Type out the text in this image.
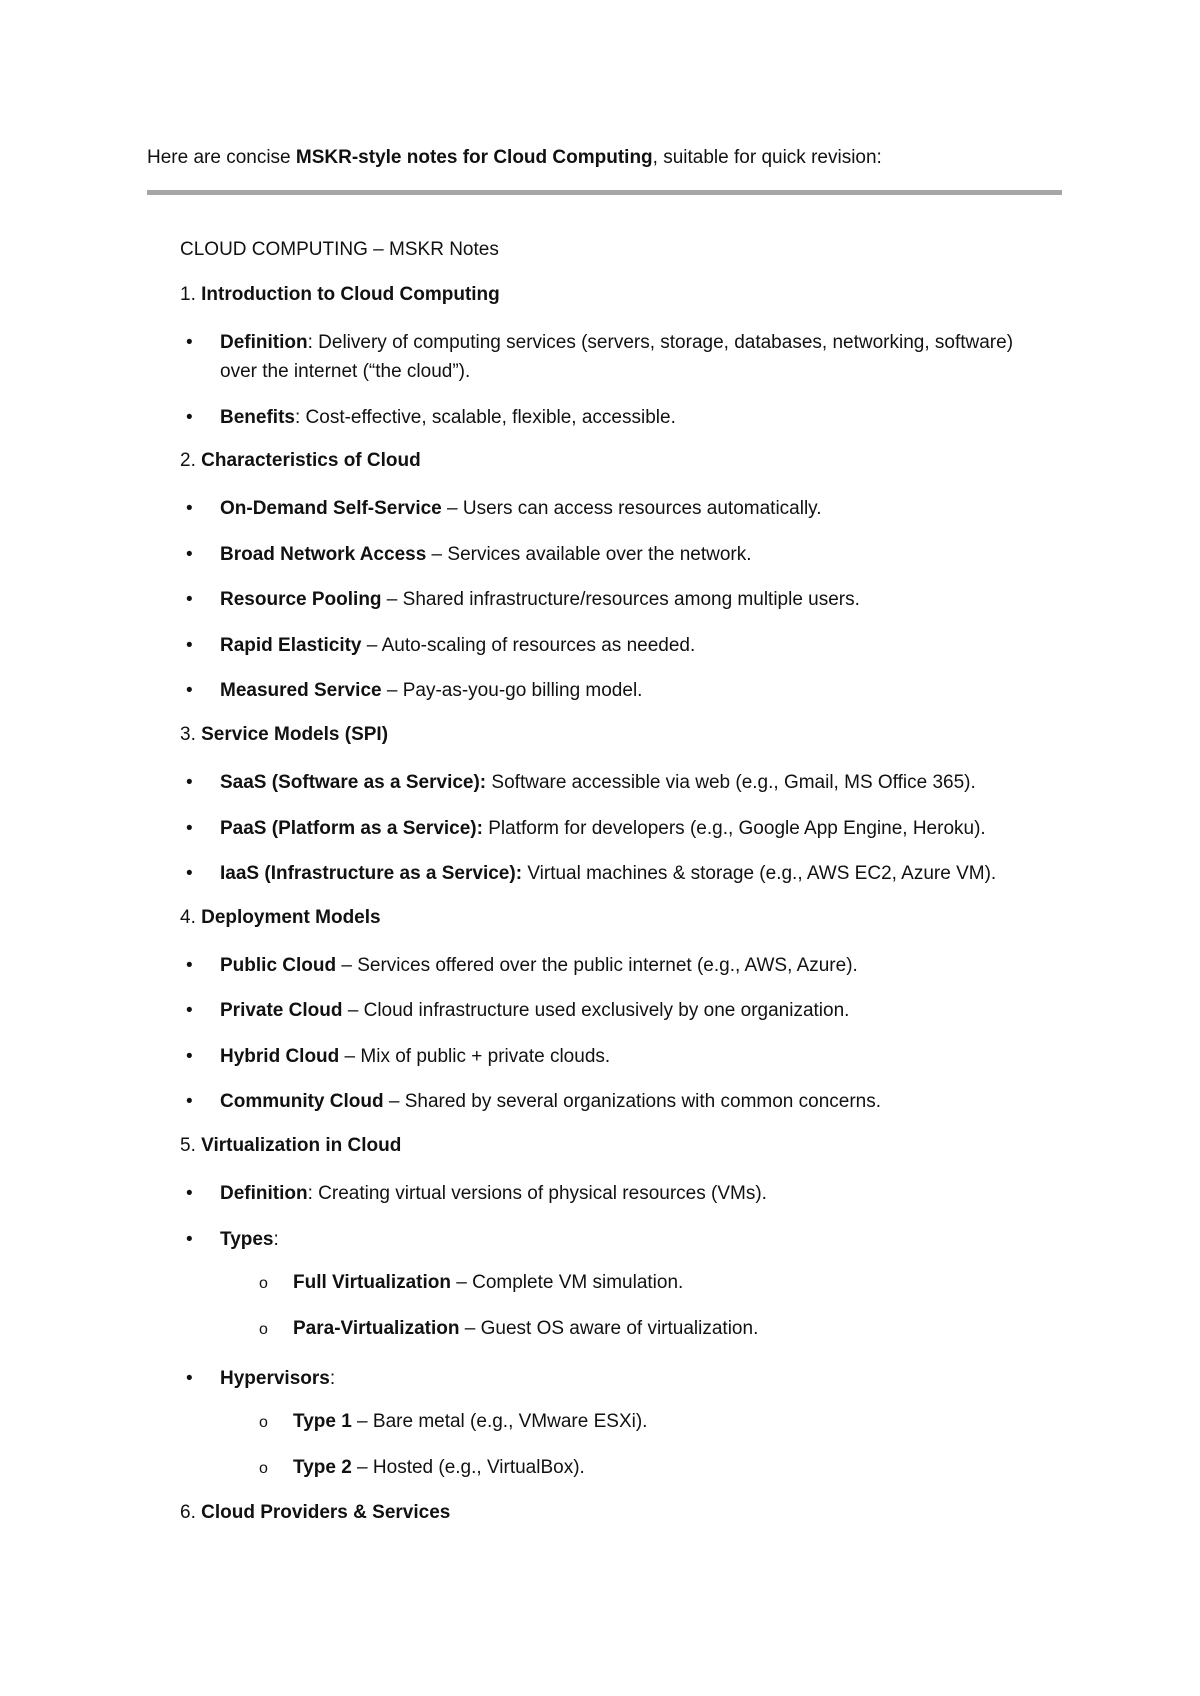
Here are concise MSKR-style notes for Cloud Computing, suitable for quick revision:
CLOUD COMPUTING – MSKR Notes
1. Introduction to Cloud Computing
•	Definition: Delivery of computing services (servers, storage, databases, networking, software) over the internet (“the cloud”).
•	Benefits: Cost-effective, scalable, flexible, accessible.
2. Characteristics of Cloud
•	On-Demand Self-Service – Users can access resources automatically.
•	Broad Network Access – Services available over the network.
•	Resource Pooling – Shared infrastructure/resources among multiple users.
•	Rapid Elasticity – Auto-scaling of resources as needed.
•	Measured Service – Pay-as-you-go billing model.
3. Service Models (SPI)
•	SaaS (Software as a Service): Software accessible via web (e.g., Gmail, MS Office 365).
•	PaaS (Platform as a Service): Platform for developers (e.g., Google App Engine, Heroku).
•	IaaS (Infrastructure as a Service): Virtual machines & storage (e.g., AWS EC2, Azure VM).
4. Deployment Models
•	Public Cloud – Services offered over the public internet (e.g., AWS, Azure).
•	Private Cloud – Cloud infrastructure used exclusively by one organization.
•	Hybrid Cloud – Mix of public + private clouds.
•	Community Cloud – Shared by several organizations with common concerns.
5. Virtualization in Cloud
•	Definition: Creating virtual versions of physical resources (VMs).
•	Types:
o Full Virtualization – Complete VM simulation.
o Para-Virtualization – Guest OS aware of virtualization.
•	Hypervisors:
o Type 1 – Bare metal (e.g., VMware ESXi).
o Type 2 – Hosted (e.g., VirtualBox).
6. Cloud Providers & Services
